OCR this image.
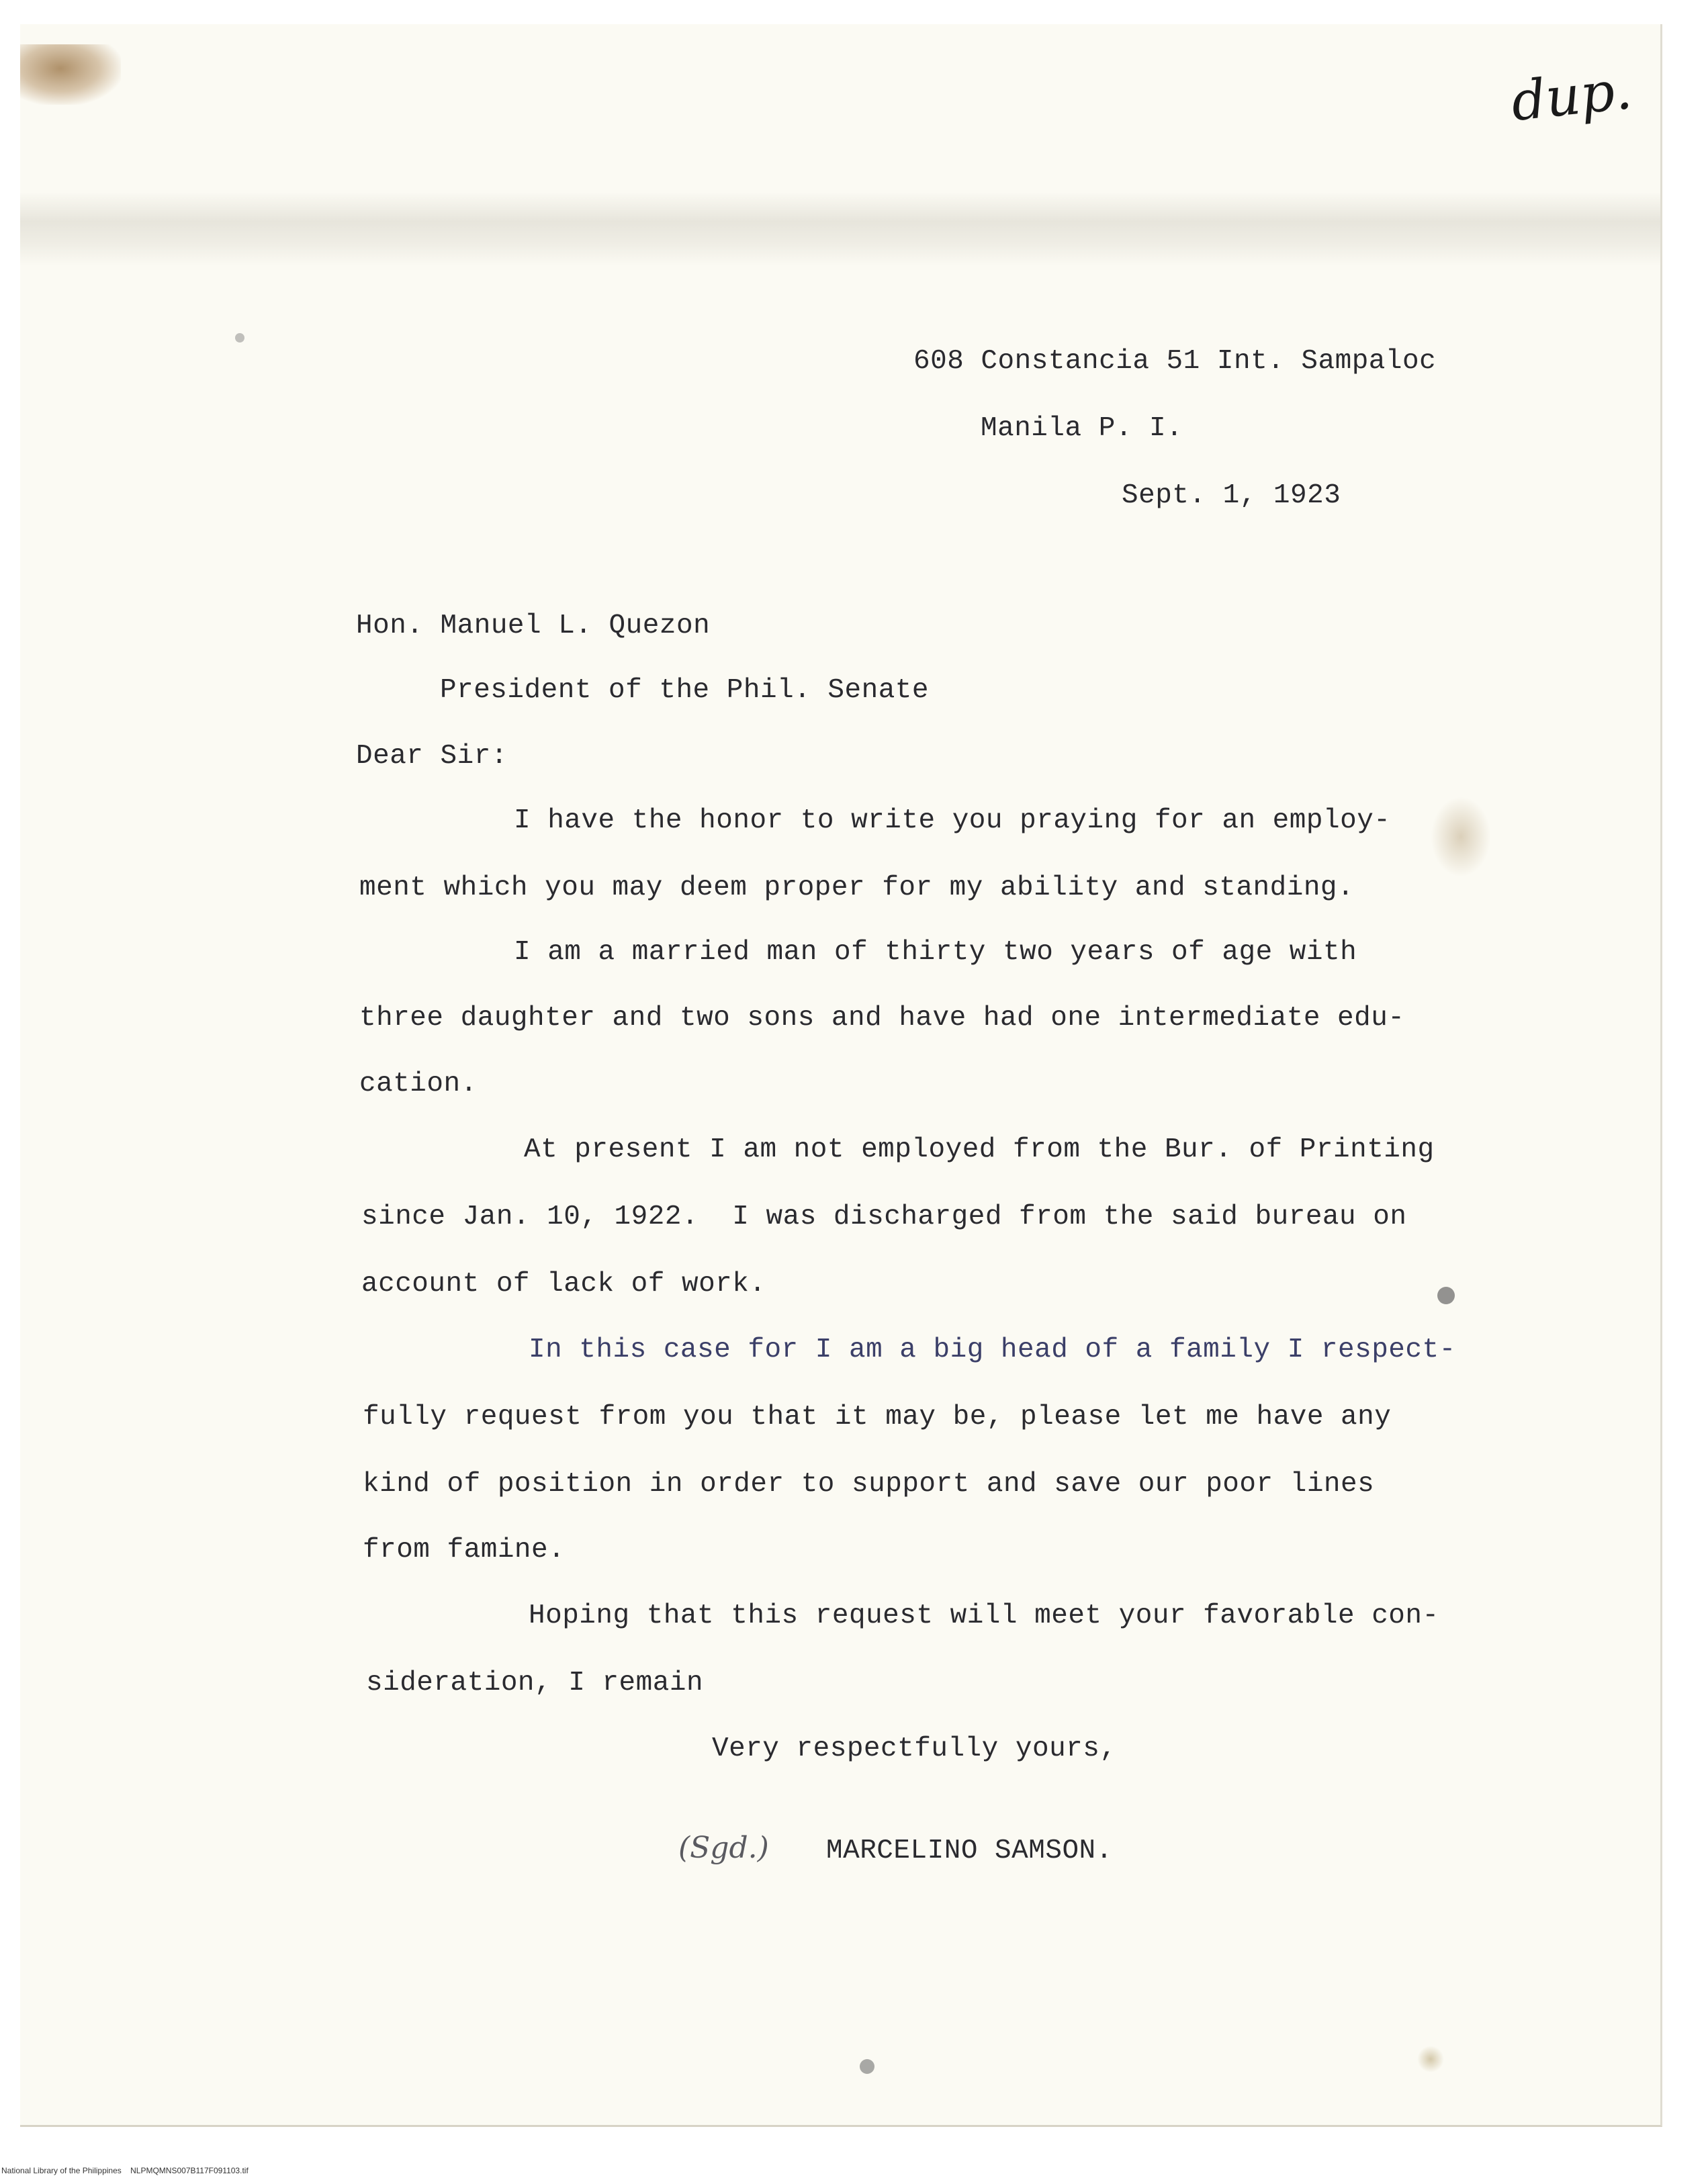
dup.

608 Constancia 51 Int. Sampaloc

Manila P. I.

Sept. 1, 1923

Hon. Manuel L. Quezon

President of the Phil. Senate

Dear Sir:

I have the honor to write you praying for an employ-

ment which you may deem proper for my ability and standing.

I am a married man of thirty two years of age with

three daughter and two sons and have had one intermediate edu-

cation.

At present I am not employed from the Bur. of Printing

since Jan. 10, 1922.  I was discharged from the said bureau on

account of lack of work.

In this case for I am a big head of a family I respect-

fully request from you that it may be, please let me have any

kind of position in order to support and save our poor lines

from famine.

Hoping that this request will meet your favorable con-

sideration, I remain

Very respectfully yours,

(Sgd.) MARCELINO SAMSON.

National Library of the Philippines NLPMQMNS007B117F091103.tif
